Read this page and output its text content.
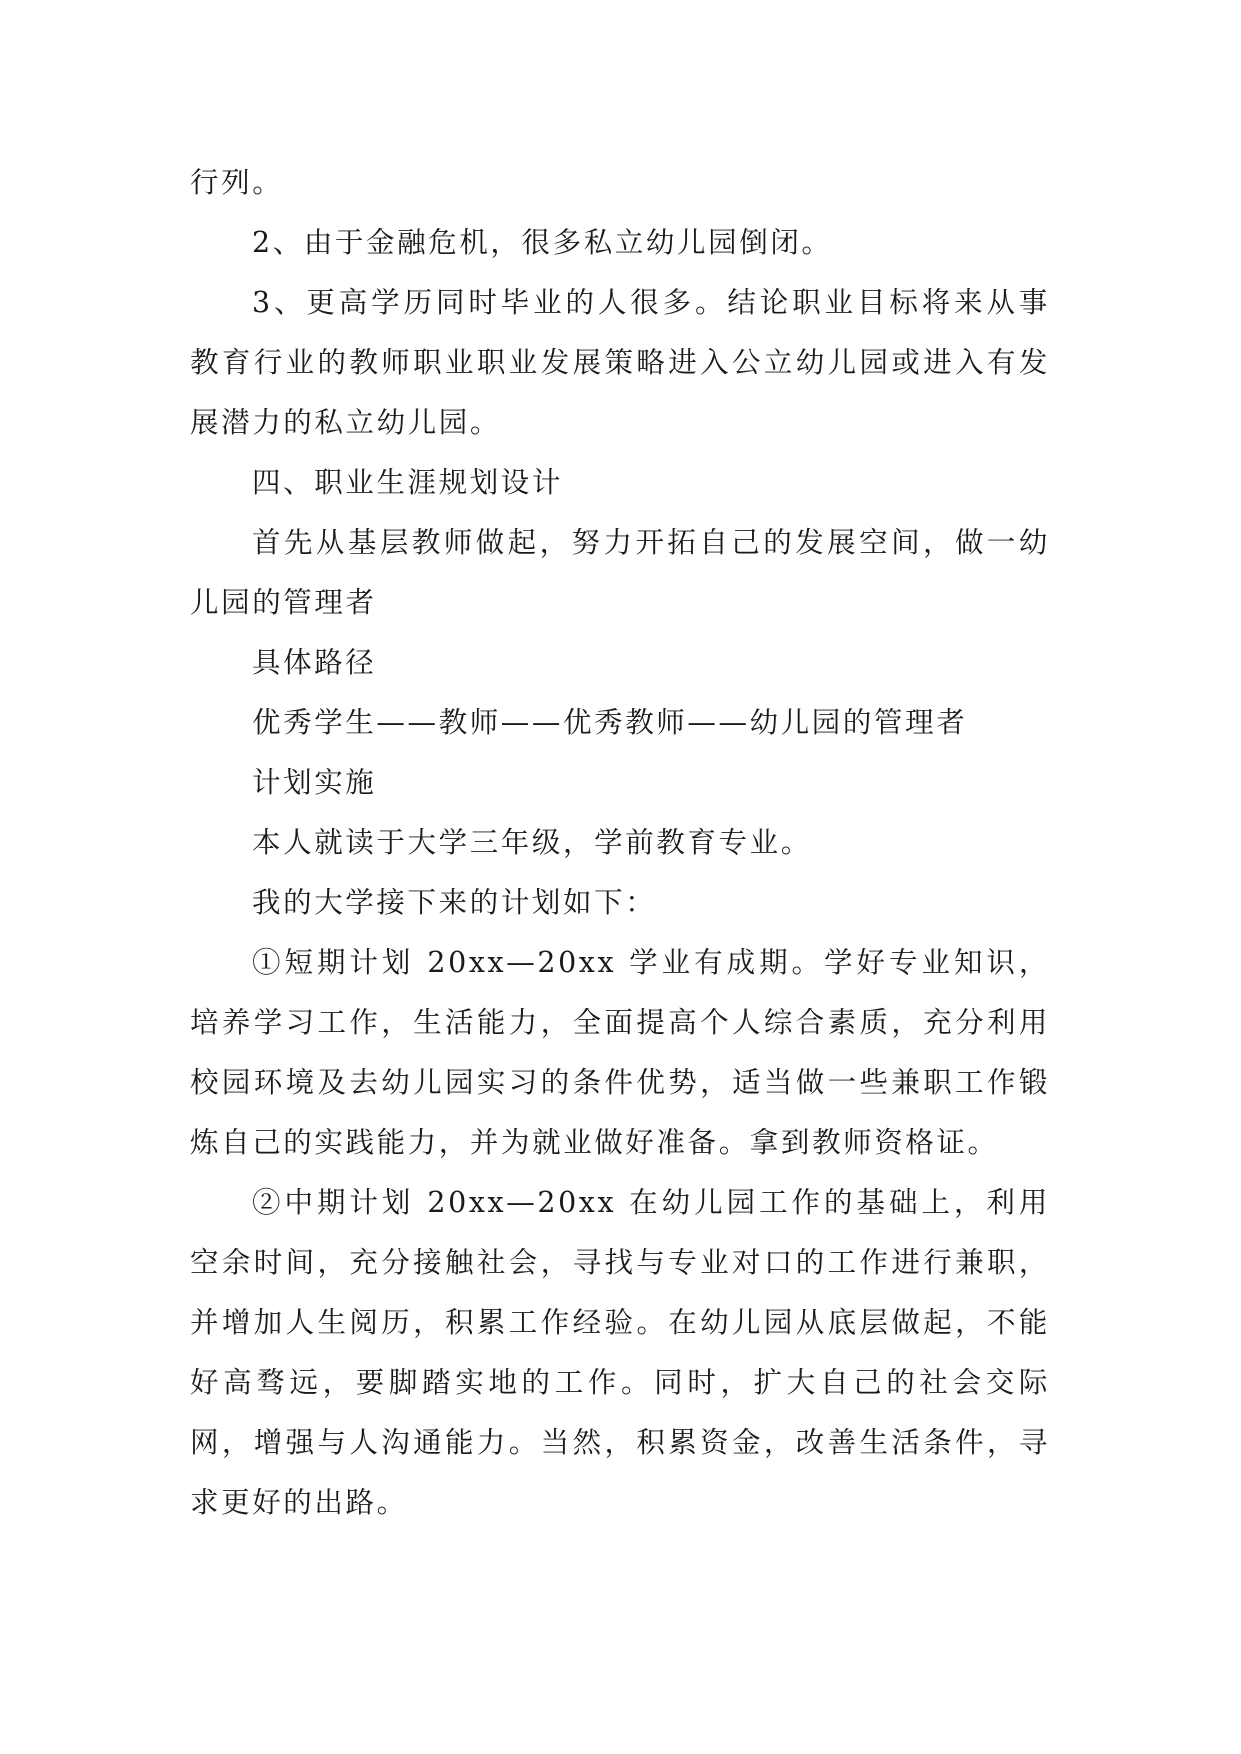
行列。

2、由于金融危机，很多私立幼儿园倒闭。

3、更高学历同时毕业的人很多。结论职业目标将来从事教育行业的教师职业职业发展策略进入公立幼儿园或进入有发展潜力的私立幼儿园。

四、职业生涯规划设计

首先从基层教师做起，努力开拓自己的发展空间，做一幼儿园的管理者

具体路径

优秀学生——教师——优秀教师——幼儿园的管理者

计划实施

本人就读于大学三年级，学前教育专业。

我的大学接下来的计划如下：

①短期计划 20xx—20xx 学业有成期。学好专业知识，培养学习工作，生活能力，全面提高个人综合素质，充分利用校园环境及去幼儿园实习的条件优势，适当做一些兼职工作锻炼自己的实践能力，并为就业做好准备。拿到教师资格证。

②中期计划 20xx—20xx 在幼儿园工作的基础上，利用空余时间，充分接触社会，寻找与专业对口的工作进行兼职，并增加人生阅历，积累工作经验。在幼儿园从底层做起，不能好高骛远，要脚踏实地的工作。同时，扩大自己的社会交际网，增强与人沟通能力。当然，积累资金，改善生活条件，寻求更好的出路。
